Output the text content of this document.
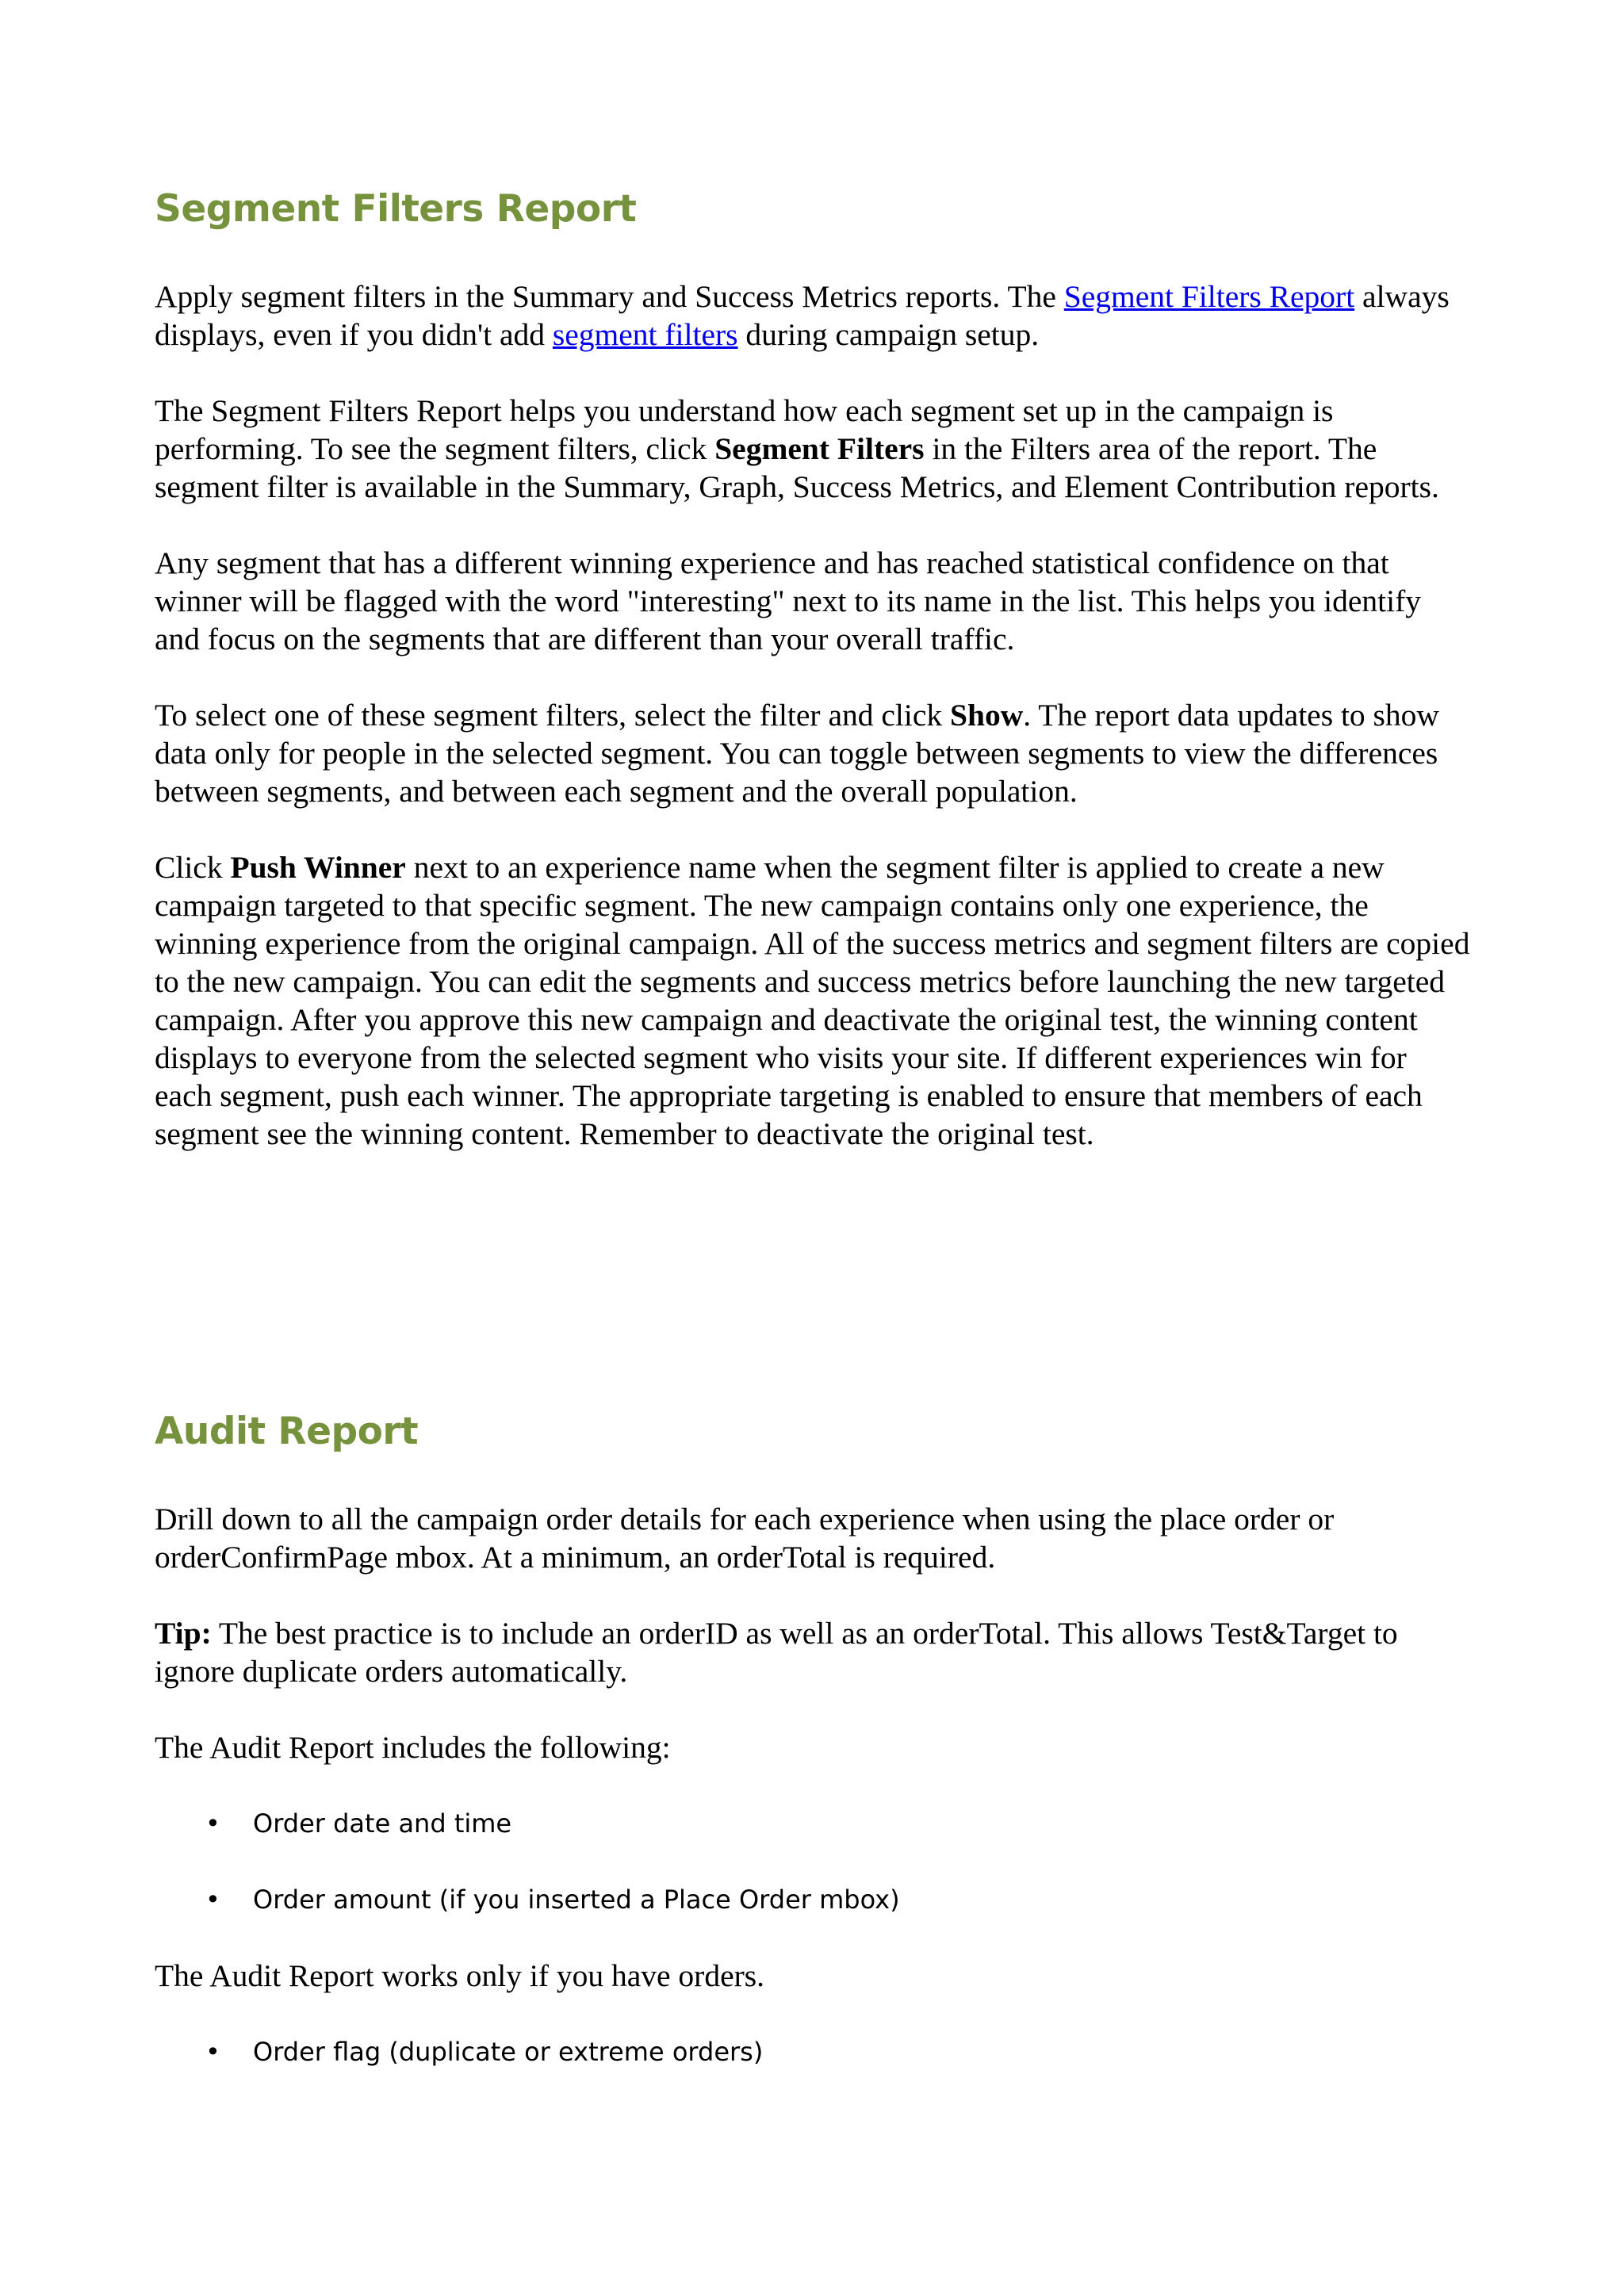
Segment Filters Report

Apply segment filters in the Summary and Success Metrics reports. The Segment Filters Report always displays, even if you didn't add segment filters during campaign setup.

The Segment Filters Report helps you understand how each segment set up in the campaign is performing. To see the segment filters, click Segment Filters in the Filters area of the report. The segment filter is available in the Summary, Graph, Success Metrics, and Element Contribution reports.

Any segment that has a different winning experience and has reached statistical confidence on that winner will be flagged with the word "interesting" next to its name in the list. This helps you identify and focus on the segments that are different than your overall traffic.

To select one of these segment filters, select the filter and click Show. The report data updates to show data only for people in the selected segment. You can toggle between segments to view the differences between segments, and between each segment and the overall population.

Click Push Winner next to an experience name when the segment filter is applied to create a new campaign targeted to that specific segment. The new campaign contains only one experience, the winning experience from the original campaign. All of the success metrics and segment filters are copied to the new campaign. You can edit the segments and success metrics before launching the new targeted campaign. After you approve this new campaign and deactivate the original test, the winning content displays to everyone from the selected segment who visits your site. If different experiences win for each segment, push each winner. The appropriate targeting is enabled to ensure that members of each segment see the winning content. Remember to deactivate the original test.

Audit Report

Drill down to all the campaign order details for each experience when using the place order or orderConfirmPage mbox. At a minimum, an orderTotal is required.

Tip: The best practice is to include an orderID as well as an orderTotal. This allows Test&Target to ignore duplicate orders automatically.

The Audit Report includes the following:

• Order date and time
• Order amount (if you inserted a Place Order mbox)

The Audit Report works only if you have orders.

• Order flag (duplicate or extreme orders)
